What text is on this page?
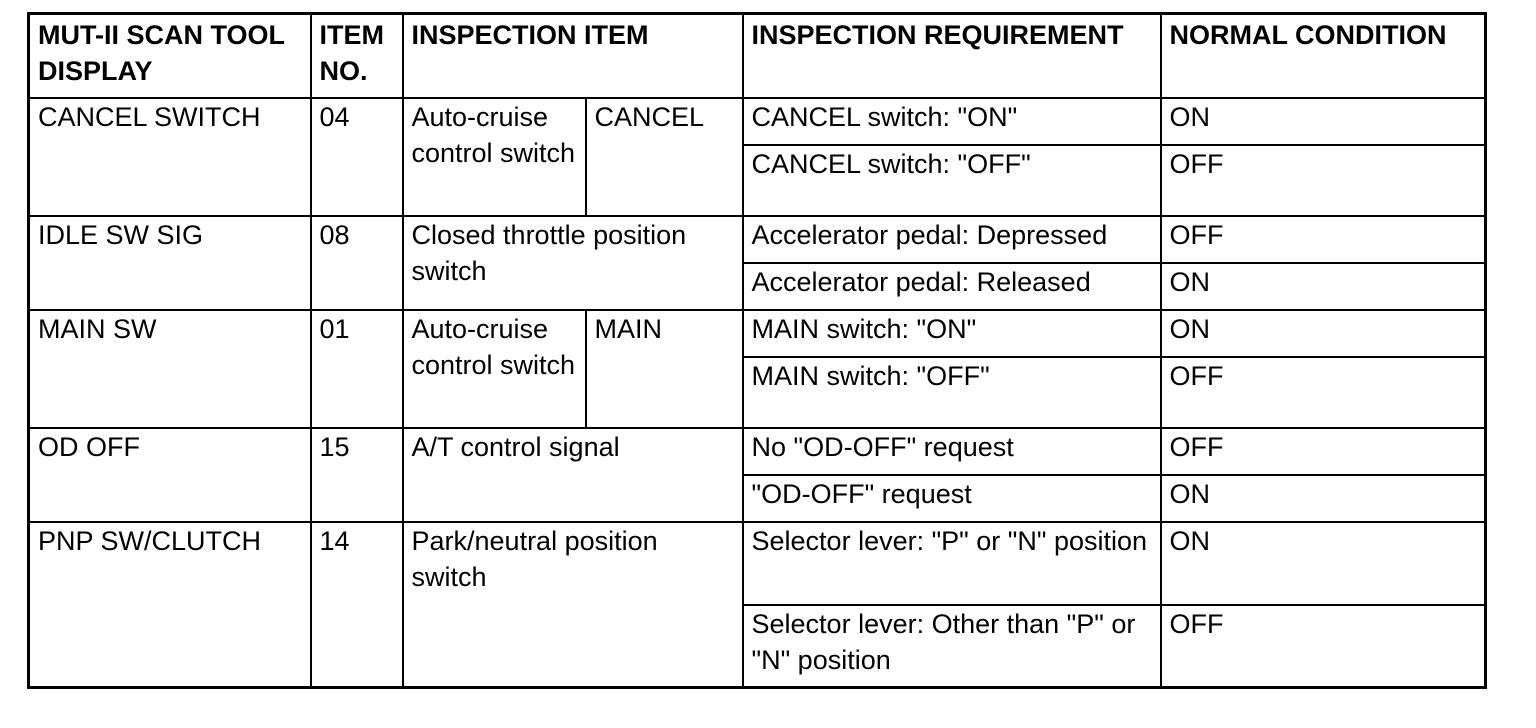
MUT-II SCAN TOOL DISPLAY	ITEM NO.	INSPECTION ITEM		INSPECTION REQUIREMENT	NORMAL CONDITION
CANCEL SWITCH	04	Auto-cruise control switch	CANCEL	CANCEL switch: "ON"	ON
				CANCEL switch: "OFF"	OFF
IDLE SW SIG	08	Closed throttle position switch		Accelerator pedal: Depressed	OFF
				Accelerator pedal: Released	ON
MAIN SW	01	Auto-cruise control switch	MAIN	MAIN switch: "ON"	ON
				MAIN switch: "OFF"	OFF
OD OFF	15	A/T control signal		No "OD-OFF" request	OFF
				"OD-OFF" request	ON
PNP SW/CLUTCH	14	Park/neutral position switch		Selector lever: "P" or "N" position	ON
				Selector lever: Other than "P" or "N" position	OFF
